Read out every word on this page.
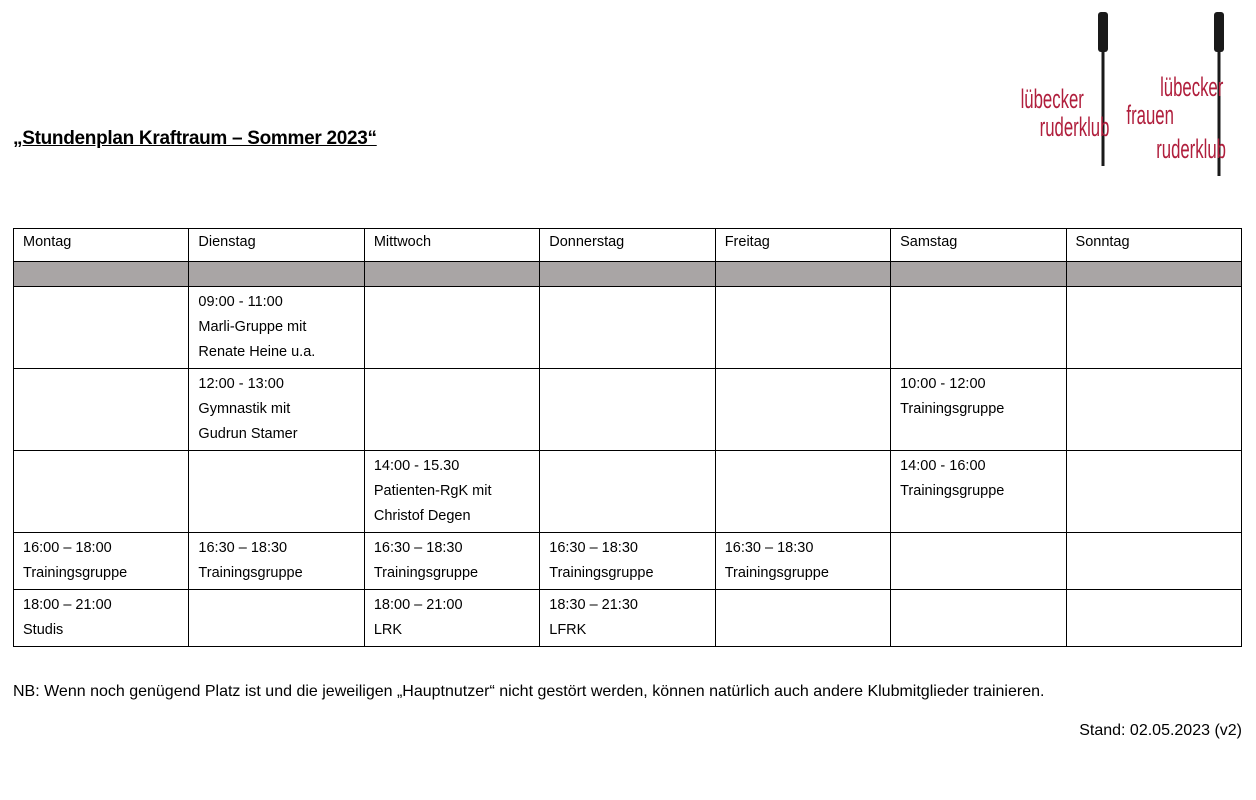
„Stundenplan Kraftraum – Sommer 2023“
lübecker
ruderklub
lübecker
frauen
ruderklub
Montag	Dienstag	Mittwoch	Donnerstag	Freitag	Samstag	Sonntag

	09:00 - 11:00
Marli-Gruppe mit
Renate Heine u.a.					

	12:00 - 13:00
Gymnastik mit
Gudrun Stamer				10:00 - 12:00
Trainingsgruppe	

		14:00 - 15.30
Patienten-RgK mit
Christof Degen			14:00 - 16:00
Trainingsgruppe	

16:00 – 18:00
Trainingsgruppe	16:30 – 18:30
Trainingsgruppe	16:30 – 18:30
Trainingsgruppe	16:30 – 18:30
Trainingsgruppe	16:30 – 18:30
Trainingsgruppe		

18:00 – 21:00
Studis		18:00 – 21:00
LRK	18:30 – 21:30
LFRK			

NB: Wenn noch genügend Platz ist und die jeweiligen „Hauptnutzer“ nicht gestört werden, können natürlich auch andere Klubmitglieder trainieren.

Stand: 02.05.2023 (v2)
